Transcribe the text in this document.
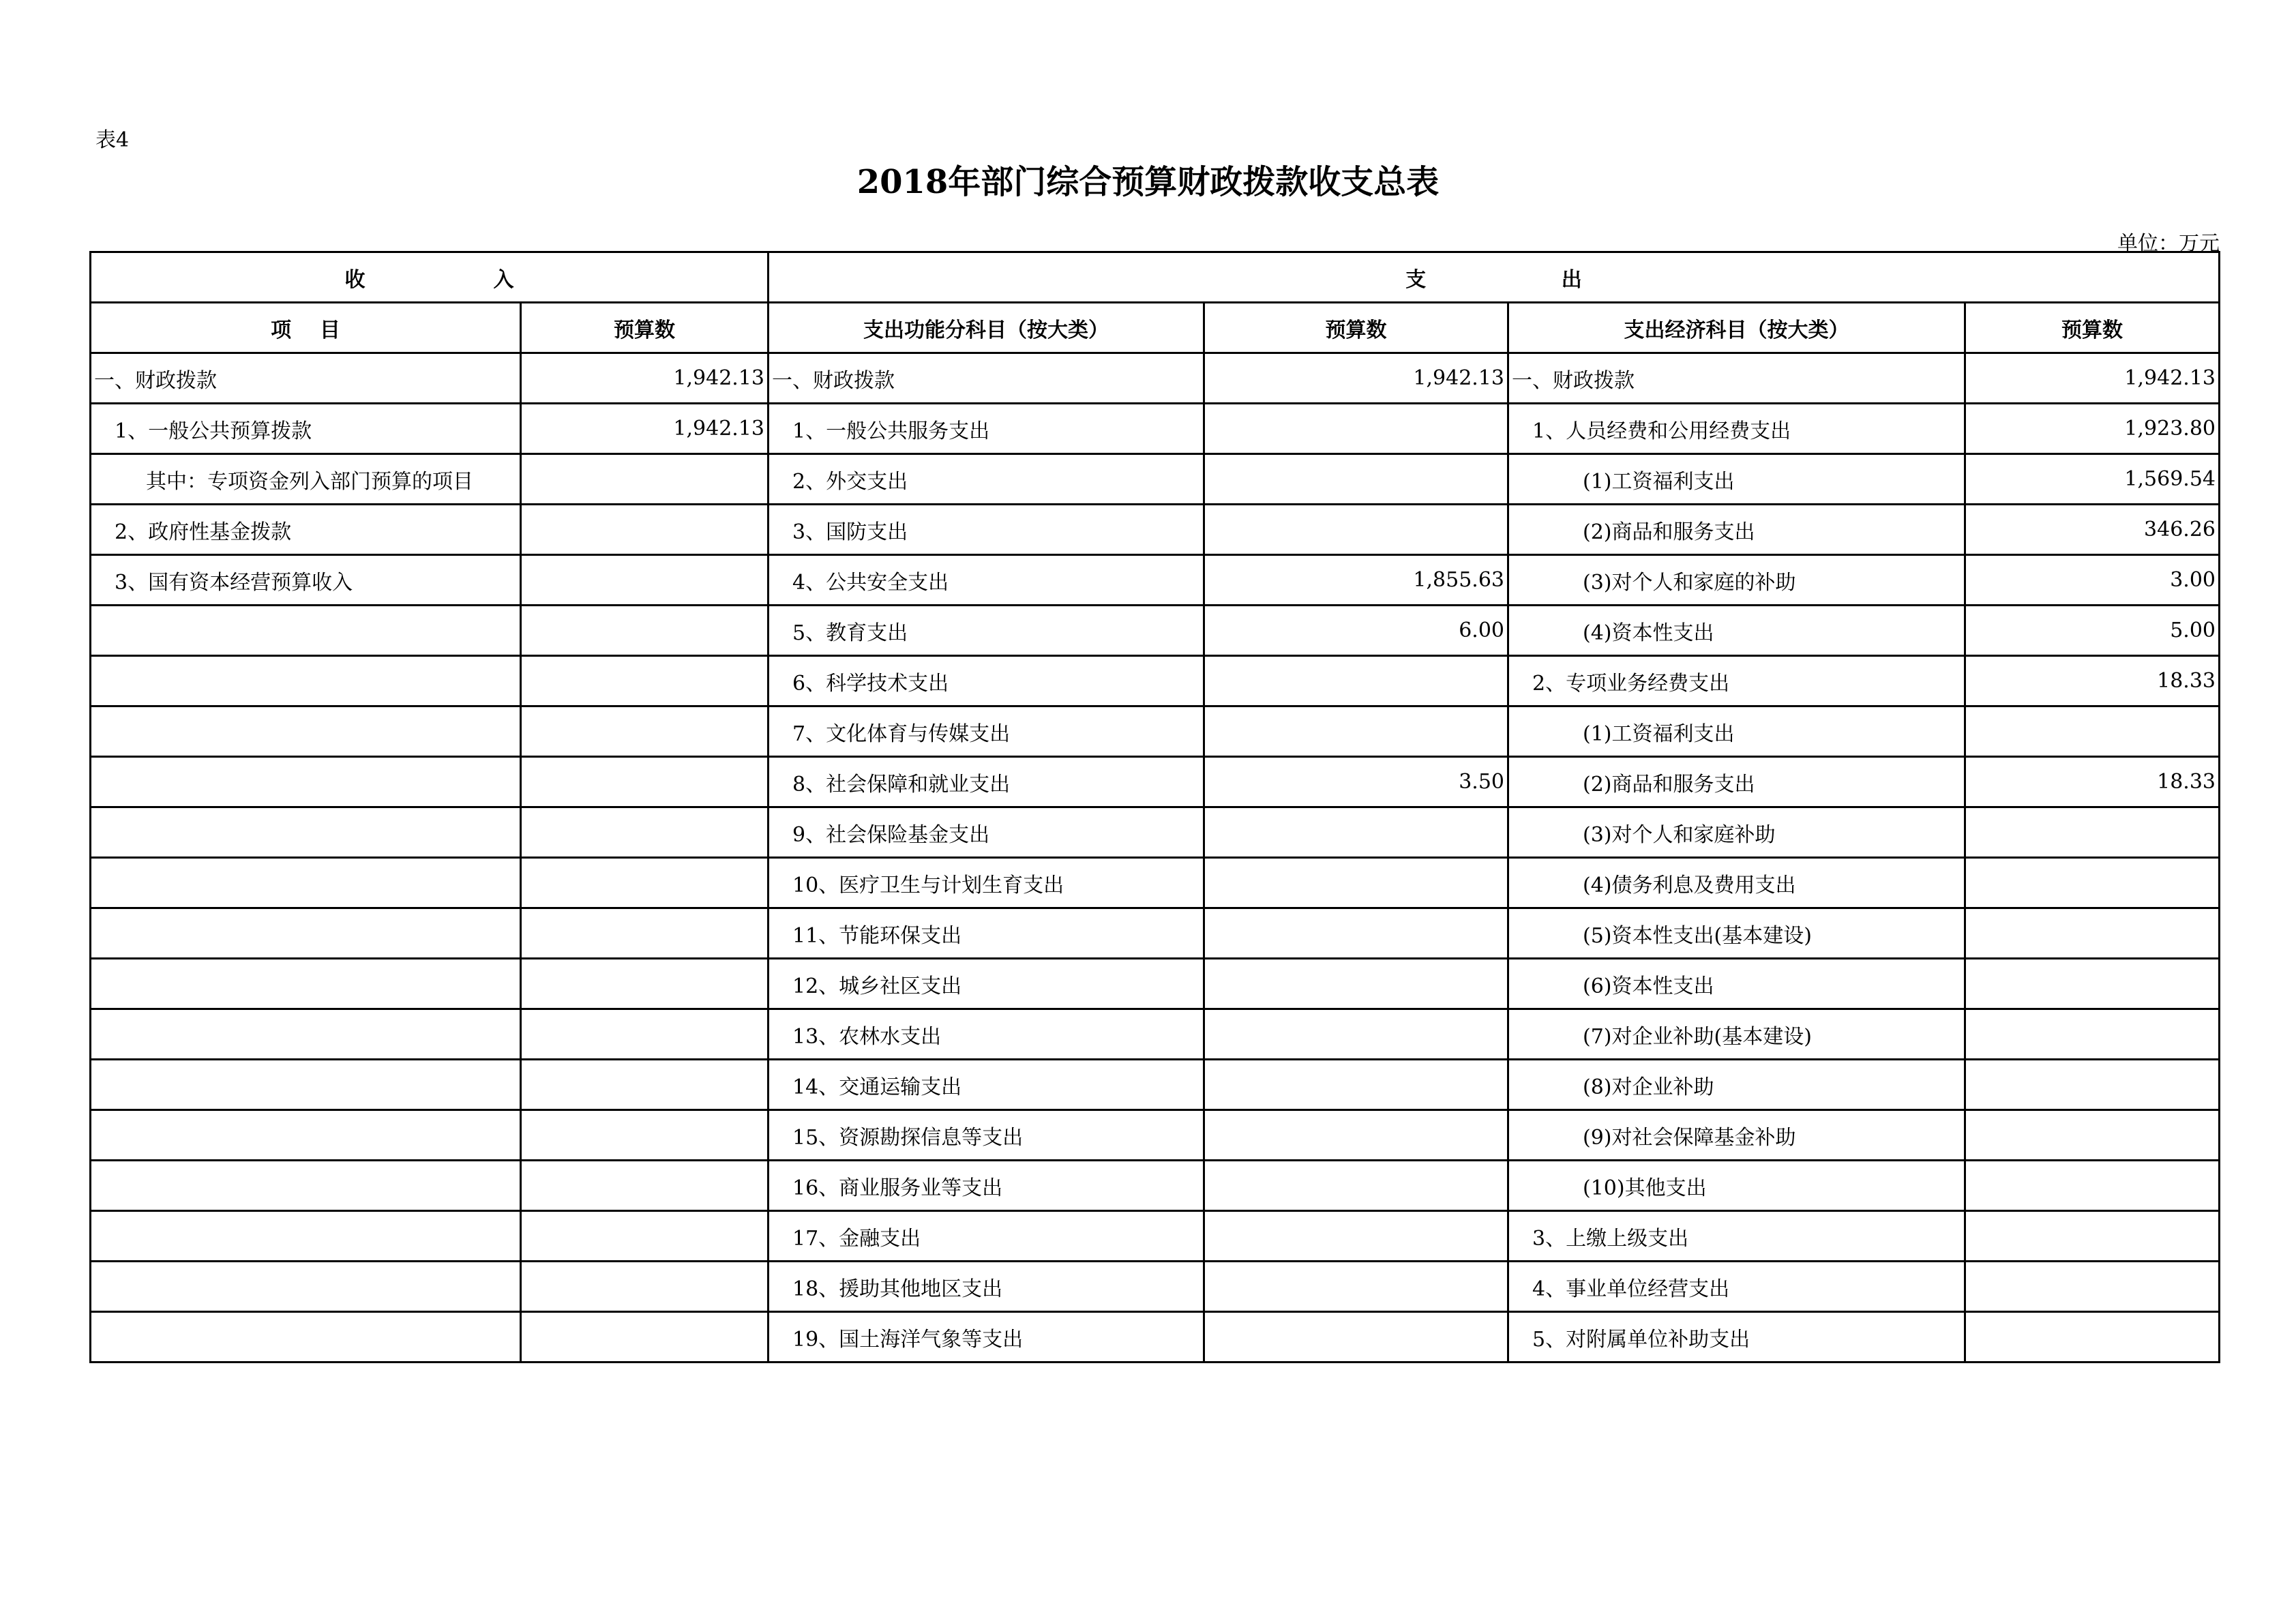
表4
2018年部门综合预算财政拨款收支总表
单位：万元
收                  入		支                   出			
项    目	预算数	支出功能分科目（按大类）	预算数	支出经济科目（按大类）	预算数
一、财政拨款	1,942.13	一、财政拨款	1,942.13	一、财政拨款	1,942.13
1、一般公共预算拨款	1,942.13	1、一般公共服务支出		1、人员经费和公用经费支出	1,923.80
其中：专项资金列入部门预算的项目		2、外交支出		(1)工资福利支出	1,569.54
2、政府性基金拨款		3、国防支出		(2)商品和服务支出	346.26
3、国有资本经营预算收入		4、公共安全支出	1,855.63	(3)对个人和家庭的补助	3.00
		5、教育支出	6.00	(4)资本性支出	5.00
		6、科学技术支出		2、专项业务经费支出	18.33
		7、文化体育与传媒支出		(1)工资福利支出	
		8、社会保障和就业支出	3.50	(2)商品和服务支出	18.33
		9、社会保险基金支出		(3)对个人和家庭补助	
		10、医疗卫生与计划生育支出		(4)债务利息及费用支出	
		11、节能环保支出		(5)资本性支出(基本建设)	
		12、城乡社区支出		(6)资本性支出	
		13、农林水支出		(7)对企业补助(基本建设)	
		14、交通运输支出		(8)对企业补助	
		15、资源勘探信息等支出		(9)对社会保障基金补助	
		16、商业服务业等支出		(10)其他支出	
		17、金融支出		3、上缴上级支出	
		18、援助其他地区支出		4、事业单位经营支出	
		19、国土海洋气象等支出		5、对附属单位补助支出	
